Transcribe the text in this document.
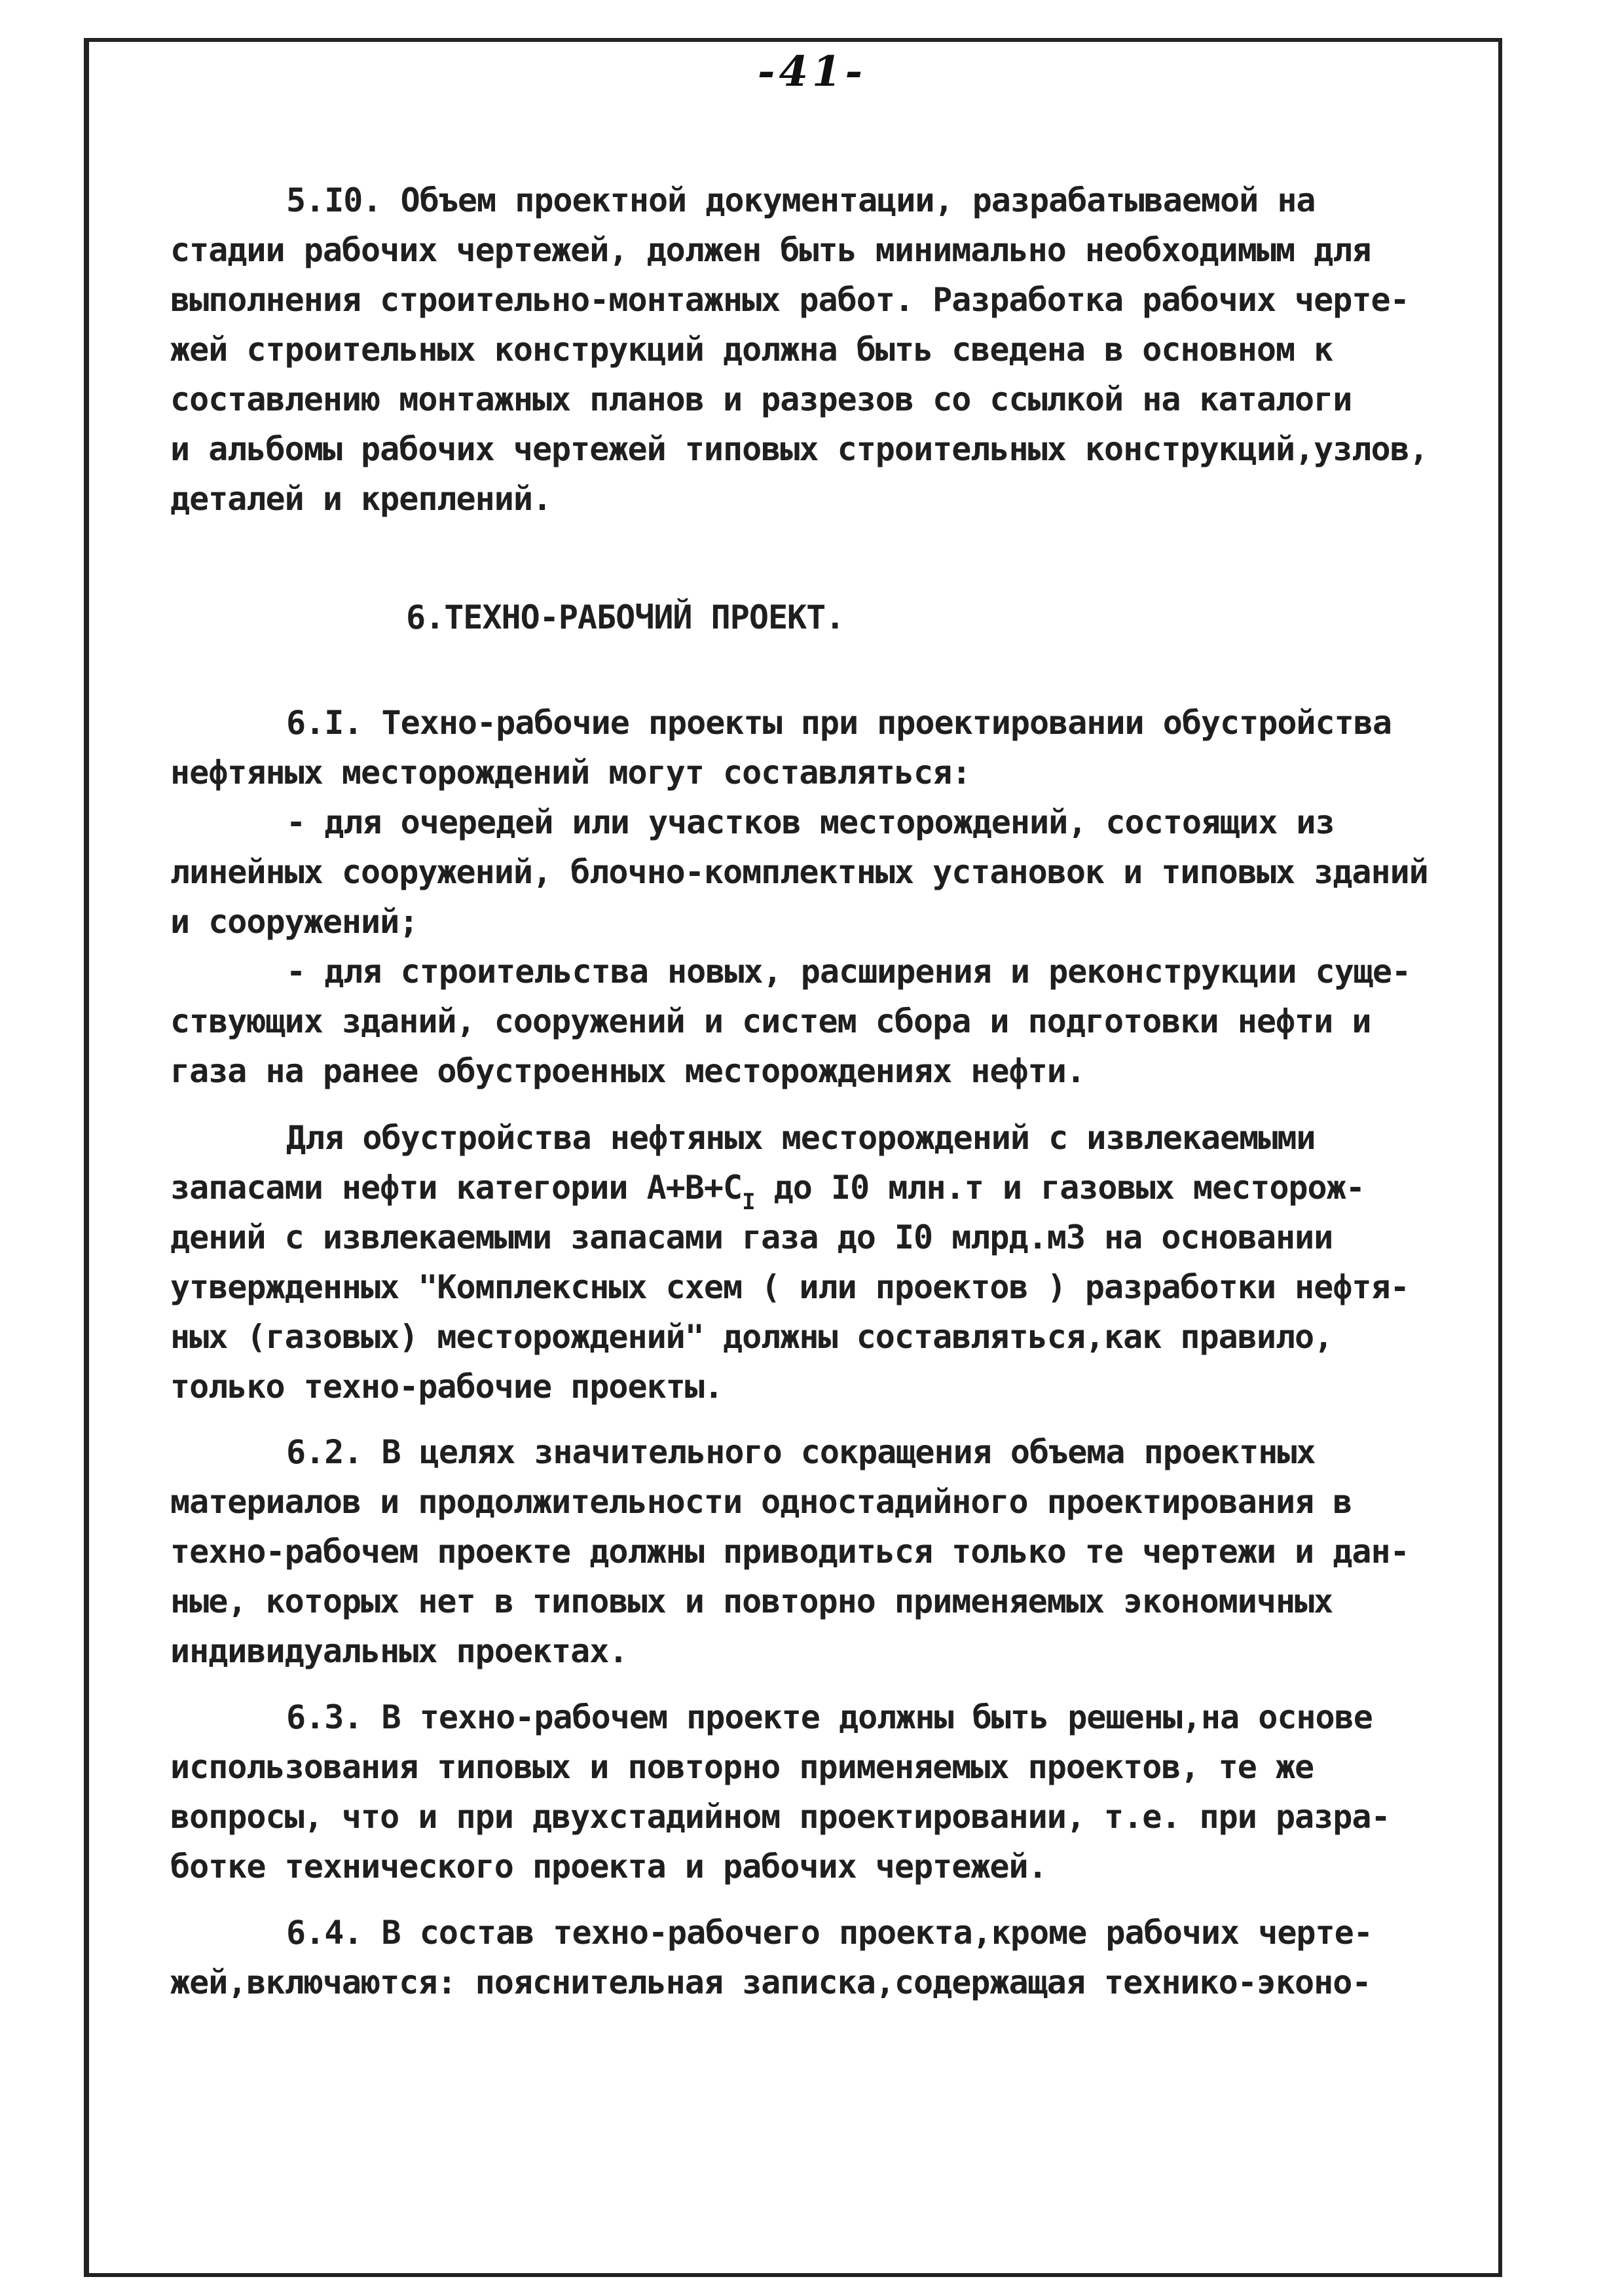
-41-
5.I0. Объем проектной документации, разрабатываемой на
стадии рабочих чертежей, должен быть минимально необходимым для
выполнения строительно-монтажных работ. Разработка рабочих черте-
жей строительных конструкций должна быть сведена в основном к
составлению монтажных планов и разрезов со ссылкой на каталоги
и альбомы рабочих чертежей типовых строительных конструкций,узлов,
деталей и креплений.
6.ТЕХНО-РАБОЧИЙ ПРОЕКТ.
6.I. Техно-рабочие проекты при проектировании обустройства
нефтяных месторождений могут составляться:
- для очередей или участков месторождений, состоящих из
линейных сооружений, блочно-комплектных установок и типовых зданий
и сооружений;
- для строительства новых, расширения и реконструкции суще-
ствующих зданий, сооружений и систем сбора и подготовки нефти и
газа на ранее обустроенных месторождениях нефти.
Для обустройства нефтяных месторождений с извлекаемыми
запасами нефти категории $А+В+С_I$ до I0 млн.т и газовых месторож-
дений с извлекаемыми запасами газа до I0 млрд.м3 на основании
утвержденных "Комплексных схем ( или проектов ) разработки нефтя-
ных (газовых) месторождений" должны составляться,как правило,
только техно-рабочие проекты.
6.2. В целях значительного сокращения объема проектных
материалов и продолжительности одностадийного проектирования в
техно-рабочем проекте должны приводиться только те чертежи и дан-
ные, которых нет в типовых и повторно применяемых экономичных
индивидуальных проектах.
6.3. В техно-рабочем проекте должны быть решены,на основе
использования типовых и повторно применяемых проектов, те же
вопросы, что и при двухстадийном проектировании, т.е. при разра-
ботке технического проекта и рабочих чертежей.
6.4. В состав техно-рабочего проекта,кроме рабочих черте-
жей,включаются: пояснительная записка,содержащая технико-эконо-
